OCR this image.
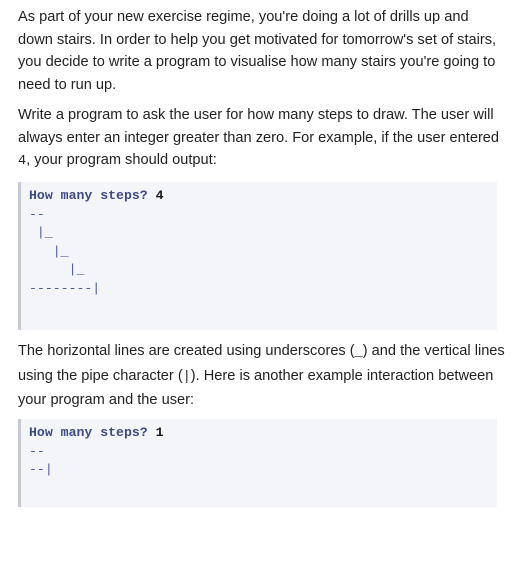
As part of your new exercise regime, you're doing a lot of drills up and down stairs. In order to help you get motivated for tomorrow's set of stairs, you decide to write a program to visualise how many stairs you're going to need to run up.

Write a program to ask the user for how many steps to draw. The user will always enter an integer greater than zero. For example, if the user entered 4, your program should output:

How many steps? 4
--
|_
|_
|_
--------|

The horizontal lines are created using underscores (_) and the vertical lines using the pipe character (|). Here is another example interaction between your program and the user:

How many steps? 1
--
--|
